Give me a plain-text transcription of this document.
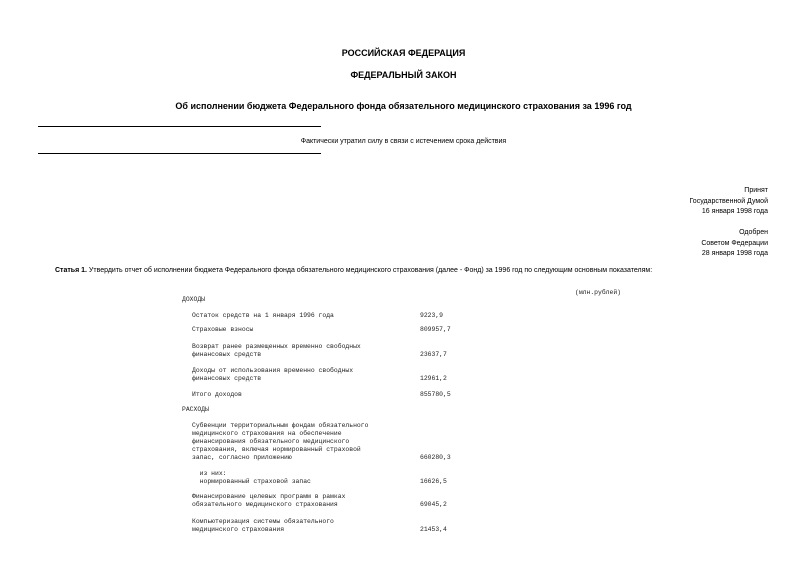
РОССИЙСКАЯ ФЕДЕРАЦИЯ
ФЕДЕРАЛЬНЫЙ ЗАКОН
Об исполнении бюджета Федерального фонда обязательного медицинского страхования за 1996 год
Фактически утратил силу в связи с истечением срока действия
Принят
Государственной Думой
16 января 1998 года
Одобрен
Советом Федерации
28 января 1998 года
Статья 1. Утвердить отчет об исполнении бюджета Федерального фонда обязательного медицинского страхования (далее - Фонд) за 1996 год по следующим основным показателям:
(млн.рублей)
ДОХОДЫ
Остаток средств на 1 января 1996 года	9223,9
Страховые взносы	809957,7
Возврат ранее размещенных временно свободных
финансовых средств	23637,7
Доходы от использования временно свободных
финансовых средств	12961,2
Итого доходов	855780,5
РАСХОДЫ
Субвенции территориальным фондам обязательного
медицинского страхования на обеспечение
финансирования обязательного медицинского
страхования, включая нормированный страховой
запас, согласно приложению	660280,3
из них:
нормированный страховой запас	16626,5
Финансирование целевых программ в рамках
обязательного медицинского страхования	69045,2
Компьютеризация системы обязательного
медицинского страхования	21453,4
